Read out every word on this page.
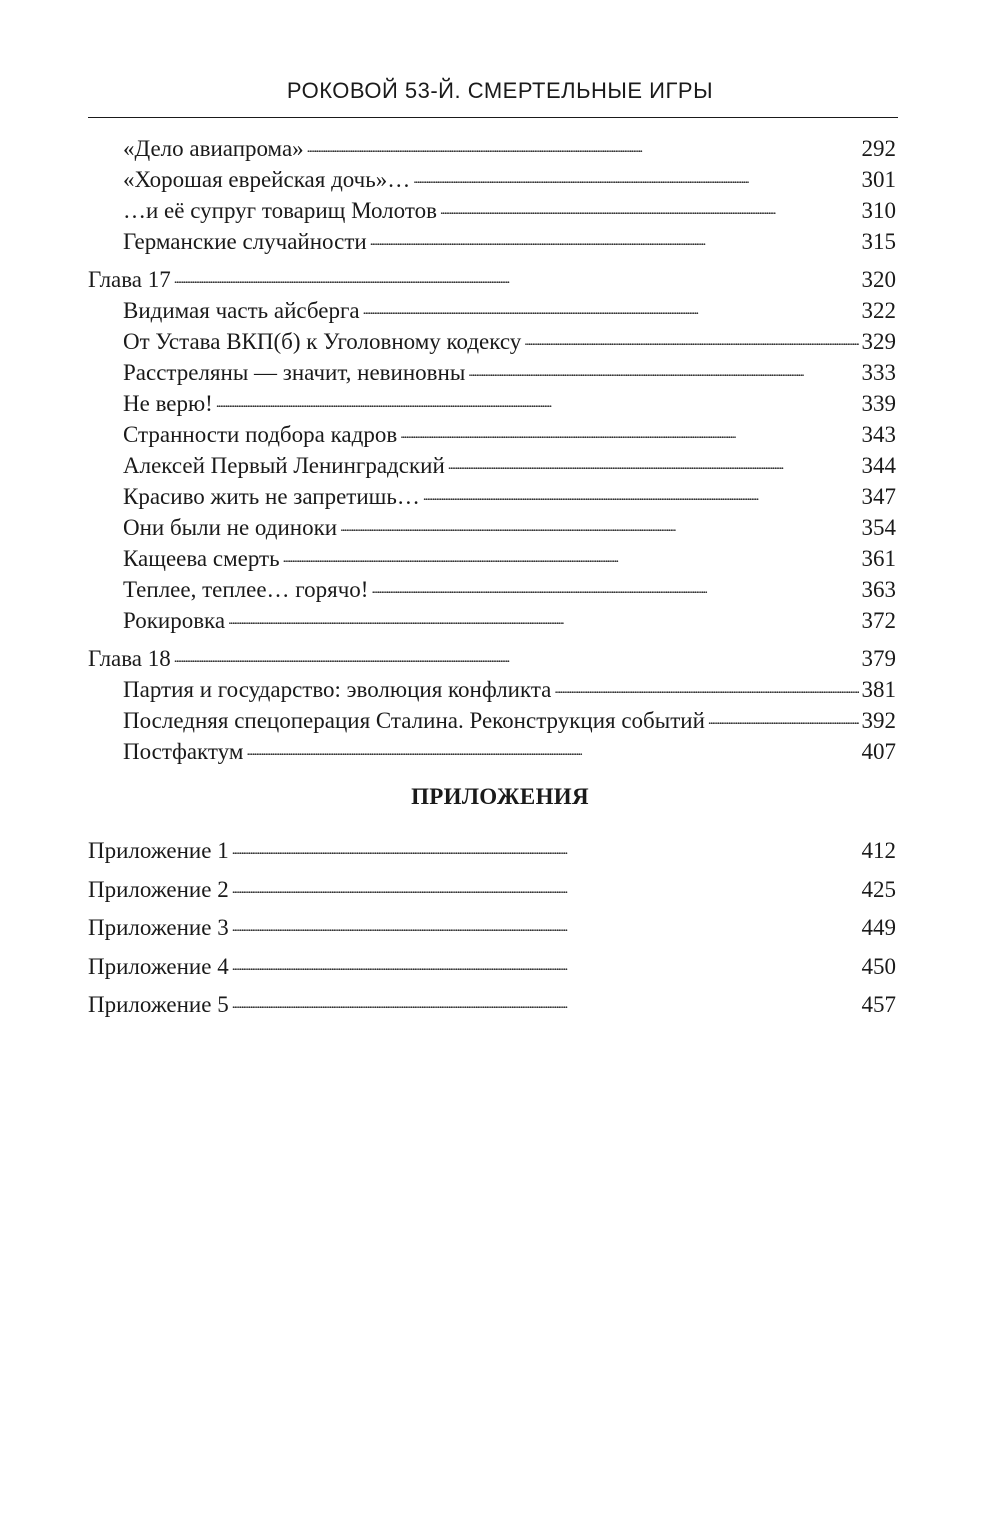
РОКОВОЙ 53-Й. СМЕРТЕЛЬНЫЕ ИГРЫ
«Дело авиапрома» . . .	292
«Хорошая еврейская дочь»… . . .	301
…и её супруг товарищ Молотов . . .	310
Германские случайности . . .	315
Глава 17 . . .	320
Видимая часть айсберга . . .	322
От Устава ВКП(б) к Уголовному кодексу . . .	329
Расстреляны — значит, невиновны . . .	333
Не верю! . . .	339
Странности подбора кадров . . .	343
Алексей Первый Ленинградский . . .	344
Красиво жить не запретишь… . . .	347
Они были не одиноки . . .	354
Кащеева смерть . . .	361
Теплее, теплее… горячо! . . .	363
Рокировка . . .	372
Глава 18 . . .	379
Партия и государство: эволюция конфликта . . .	381
Последняя спецоперация Сталина. Реконструкция событий . . .	392
Постфактум . . .	407
ПРИЛОЖЕНИЯ
Приложение 1 . . .	412
Приложение 2 . . .	425
Приложение 3 . . .	449
Приложение 4 . . .	450
Приложение 5 . . .	457
